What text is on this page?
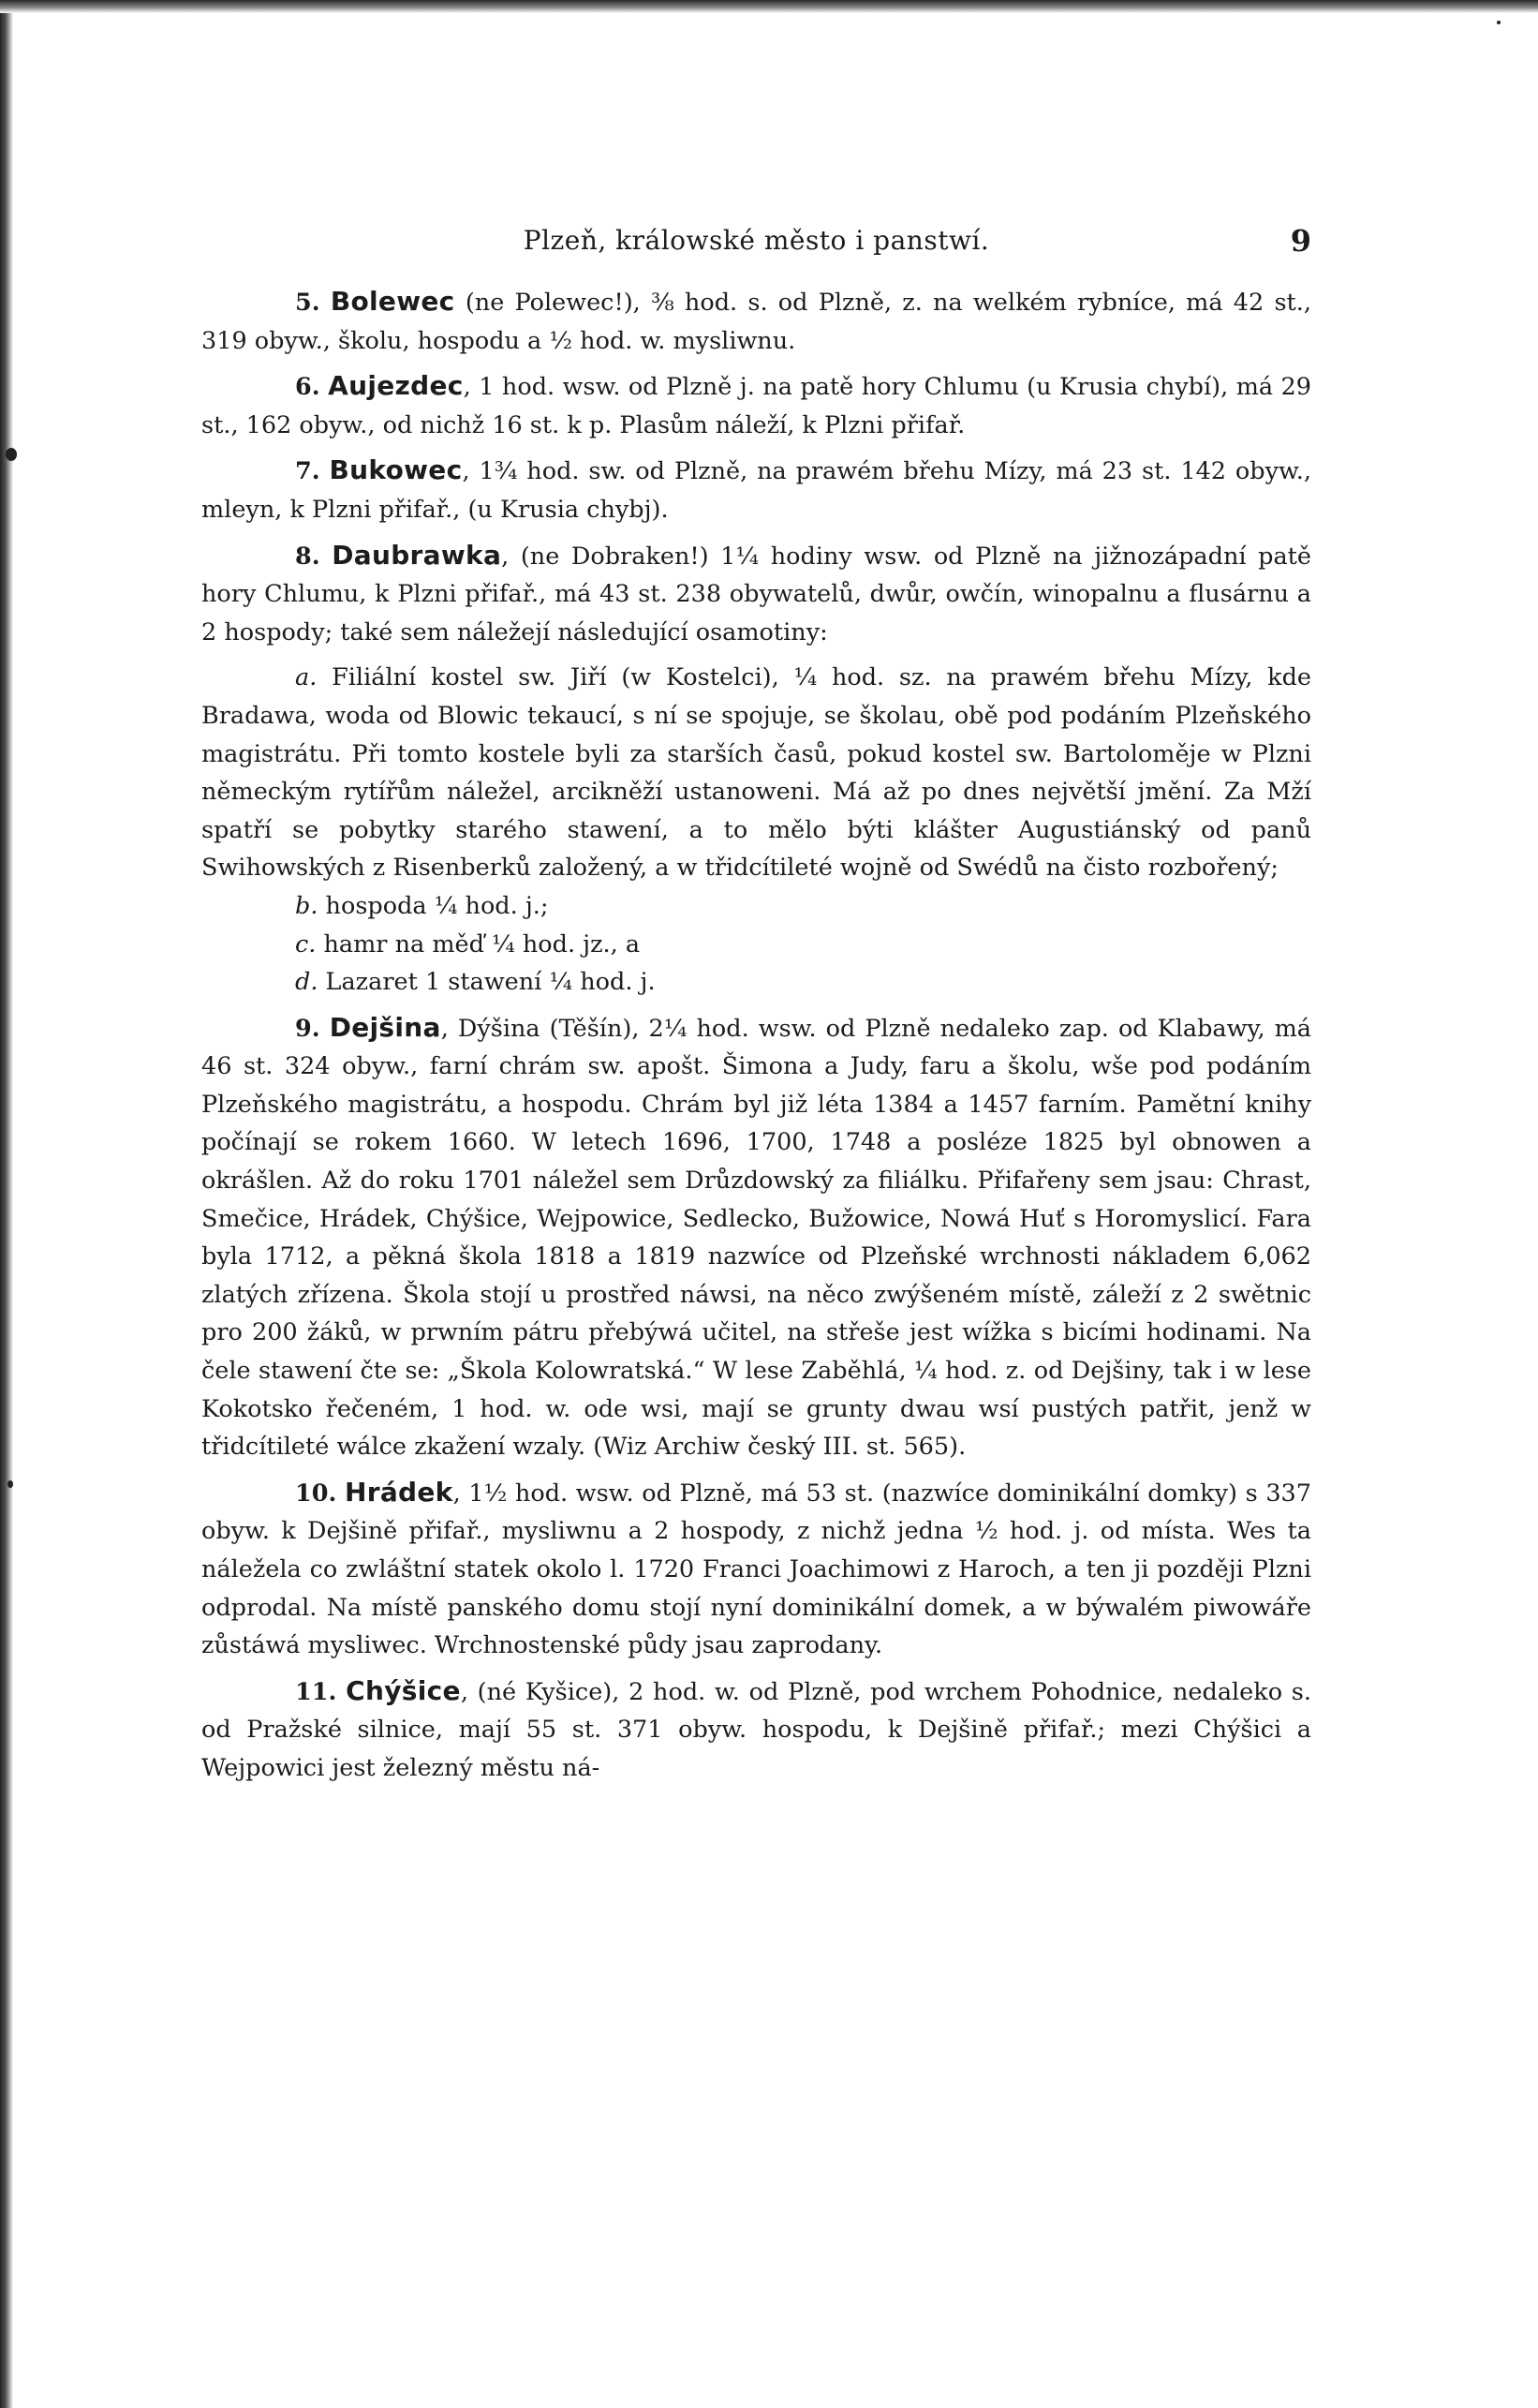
Plzeň, králowské město i panstwí.	9

5. Bolewec (ne Polewec!), ⅜ hod. s. od Plzně, z. na welkém rybníce, má 42 st., 319 obyw., školu, hospodu a ½ hod. w. mysliwnu.

6. Aujezdec, 1 hod. wsw. od Plzně j. na patě hory Chlumu (u Krusia chybí), má 29 st., 162 obyw., od nichž 16 st. k p. Plasům náleží, k Plzni přifař.

7. Bukowec, 1¾ hod. sw. od Plzně, na prawém břehu Mízy, má 23 st. 142 obyw., mleyn, k Plzni přifař., (u Krusia chybj).

8. Daubrawka, (ne Dobraken!) 1¼ hodiny wsw. od Plzně na jižnozápadní patě hory Chlumu, k Plzni přifař., má 43 st. 238 obywatelů, dwůr, owčín, winopalnu a flusárnu a 2 hospody; také sem náležejí následující osamotiny:

a. Filiální kostel sw. Jiří (w Kostelci), ¼ hod. sz. na prawém břehu Mízy, kde Bradawa, woda od Blowic tekaucí, s ní se spojuje, se školau, obě pod podáním Plzeňského magistrátu. Při tomto kostele byli za starších časů, pokud kostel sw. Bartoloměje w Plzni německým rytířům náležel, arcikněží ustanoweni. Má až po dnes největší jmění. Za Mží spatří se pobytky starého stawení, a to mělo býti klášter Augustiánský od panů Swihowských z Risenberků založený, a w třidcítileté wojně od Swédů na čisto rozbořený;

b. hospoda ¼ hod. j.;

c. hamr na měď ¼ hod. jz., a

d. Lazaret 1 stawení ¼ hod. j.

9. Dejšina, Dýšina (Těšín), 2¼ hod. wsw. od Plzně nedaleko zap. od Klabawy, má 46 st. 324 obyw., farní chrám sw. apošt. Šimona a Judy, faru a školu, wše pod podáním Plzeňského magistrátu, a hospodu. Chrám byl již léta 1384 a 1457 farním. Pamětní knihy počínají se rokem 1660. W letech 1696, 1700, 1748 a posléze 1825 byl obnowen a okrášlen. Až do roku 1701 náležel sem Drůzdowský za filiálku. Přifařeny sem jsau: Chrast, Smečice, Hrádek, Chýšice, Wejpowice, Sedlecko, Bužowice, Nowá Huť s Horomyslicí. Fara byla 1712, a pěkná škola 1818 a 1819 nazwíce od Plzeňské wrchnosti nákladem 6,062 zlatých zřízena. Škola stojí u prostřed náwsi, na něco zwýšeném místě, záleží z 2 swětnic pro 200 žáků, w prwním pátru přebýwá učitel, na střeše jest wížka s bicími hodinami. Na čele stawení čte se: „Škola Kolowratská.“ W lese Zaběhlá, ¼ hod. z. od Dejšiny, tak i w lese Kokotsko řečeném, 1 hod. w. ode wsi, mají se grunty dwau wsí pustých patřit, jenž w třidcítileté wálce zkažení wzaly. (Wiz Archiw český III. st. 565).

10. Hrádek, 1½ hod. wsw. od Plzně, má 53 st. (nazwíce dominikální domky) s 337 obyw. k Dejšině přifař., mysliwnu a 2 hospody, z nichž jedna ½ hod. j. od místa. Wes ta náležela co zwláštní statek okolo l. 1720 Franci Joachimowi z Haroch, a ten ji později Plzni odprodal. Na místě panského domu stojí nyní dominikální domek, a w býwalém piwowáře zůstáwá mysliwec. Wrchnostenské půdy jsau zaprodany.

11. Chýšice, (né Kyšice), 2 hod. w. od Plzně, pod wrchem Pohodnice, nedaleko s. od Pražské silnice, mají 55 st. 371 obyw. hospodu, k Dejšině přifař.; mezi Chýšici a Wejpowici jest železný městu ná-
